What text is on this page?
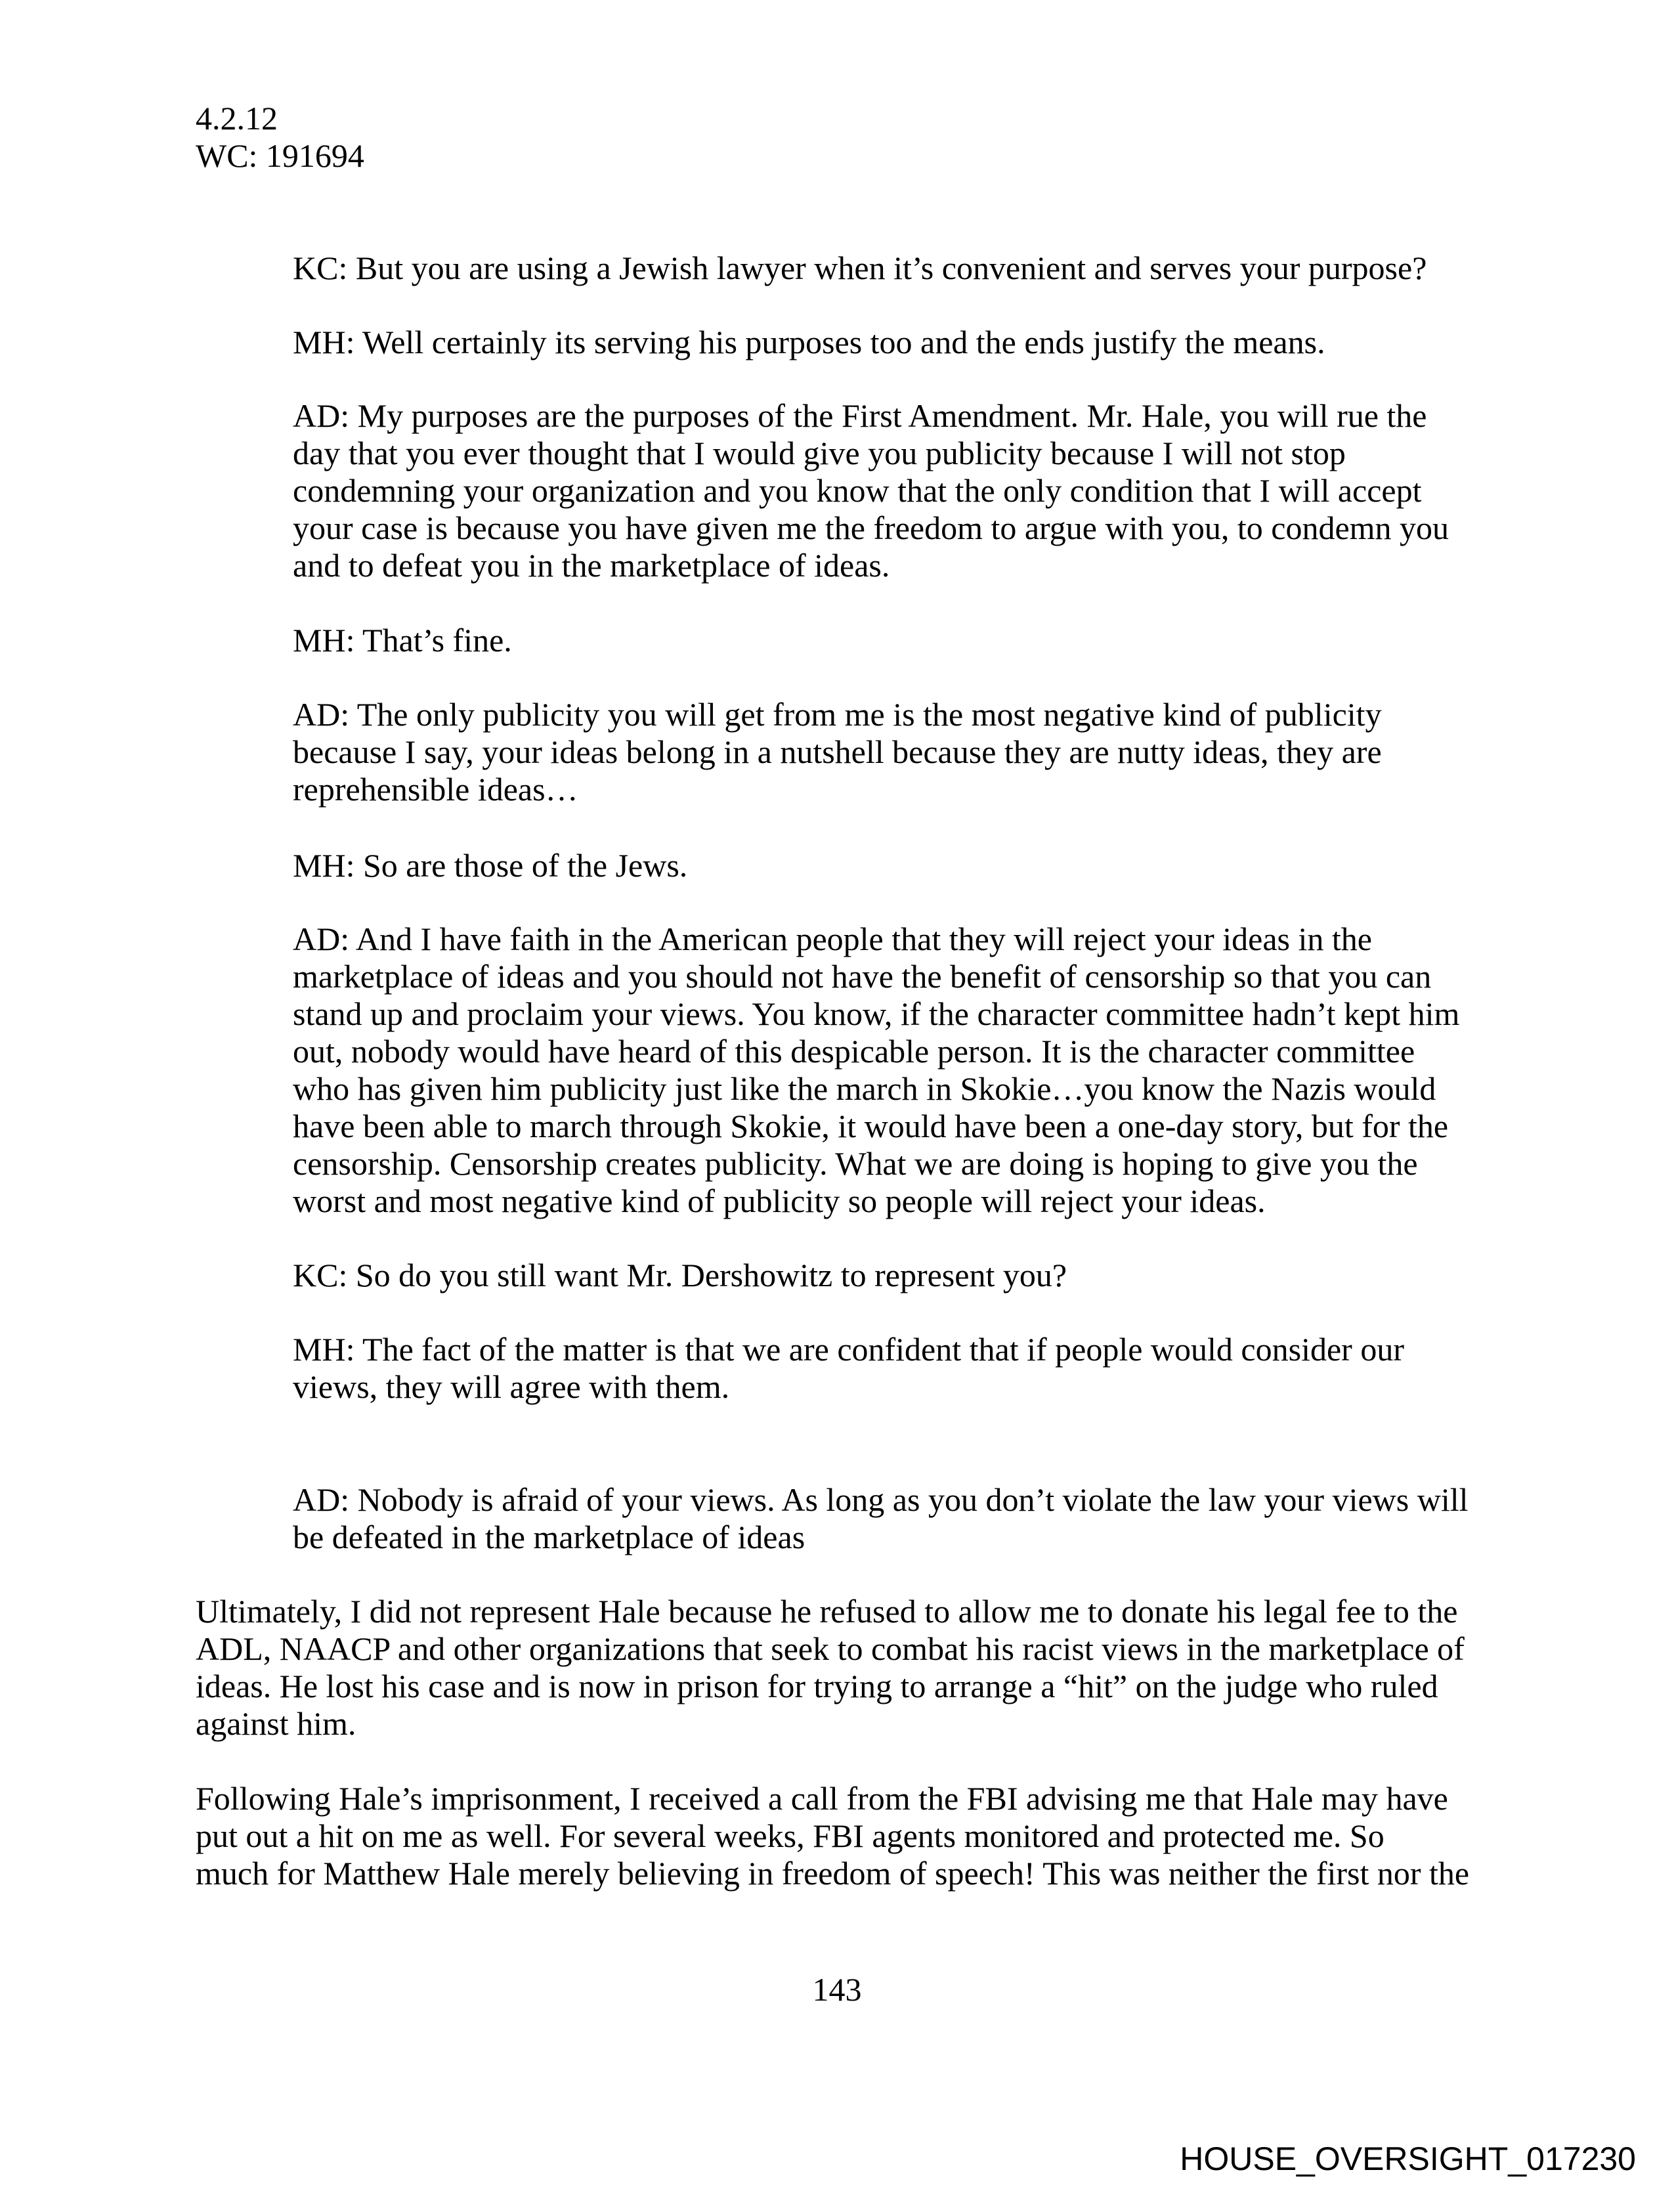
4.2.12
WC: 191694
KC: But you are using a Jewish lawyer when it’s convenient and serves your purpose?
MH: Well certainly its serving his purposes too and the ends justify the means.
AD: My purposes are the purposes of the First Amendment. Mr. Hale, you will rue the
day that you ever thought that I would give you publicity because I will not stop
condemning your organization and you know that the only condition that I will accept
your case is because you have given me the freedom to argue with you, to condemn you
and to defeat you in the marketplace of ideas.
MH: That’s fine.
AD: The only publicity you will get from me is the most negative kind of publicity
because I say, your ideas belong in a nutshell because they are nutty ideas, they are
reprehensible ideas…
MH: So are those of the Jews.
AD: And I have faith in the American people that they will reject your ideas in the
marketplace of ideas and you should not have the benefit of censorship so that you can
stand up and proclaim your views. You know, if the character committee hadn’t kept him
out, nobody would have heard of this despicable person. It is the character committee
who has given him publicity just like the march in Skokie…you know the Nazis would
have been able to march through Skokie, it would have been a one-day story, but for the
censorship. Censorship creates publicity. What we are doing is hoping to give you the
worst and most negative kind of publicity so people will reject your ideas.
KC: So do you still want Mr. Dershowitz to represent you?
MH: The fact of the matter is that we are confident that if people would consider our
views, they will agree with them.
AD: Nobody is afraid of your views. As long as you don’t violate the law your views will
be defeated in the marketplace of ideas
Ultimately, I did not represent Hale because he refused to allow me to donate his legal fee to the
ADL, NAACP and other organizations that seek to combat his racist views in the marketplace of
ideas. He lost his case and is now in prison for trying to arrange a “hit” on the judge who ruled
against him.
Following Hale’s imprisonment, I received a call from the FBI advising me that Hale may have
put out a hit on me as well. For several weeks, FBI agents monitored and protected me. So
much for Matthew Hale merely believing in freedom of speech! This was neither the first nor the
143
HOUSE_OVERSIGHT_017230
